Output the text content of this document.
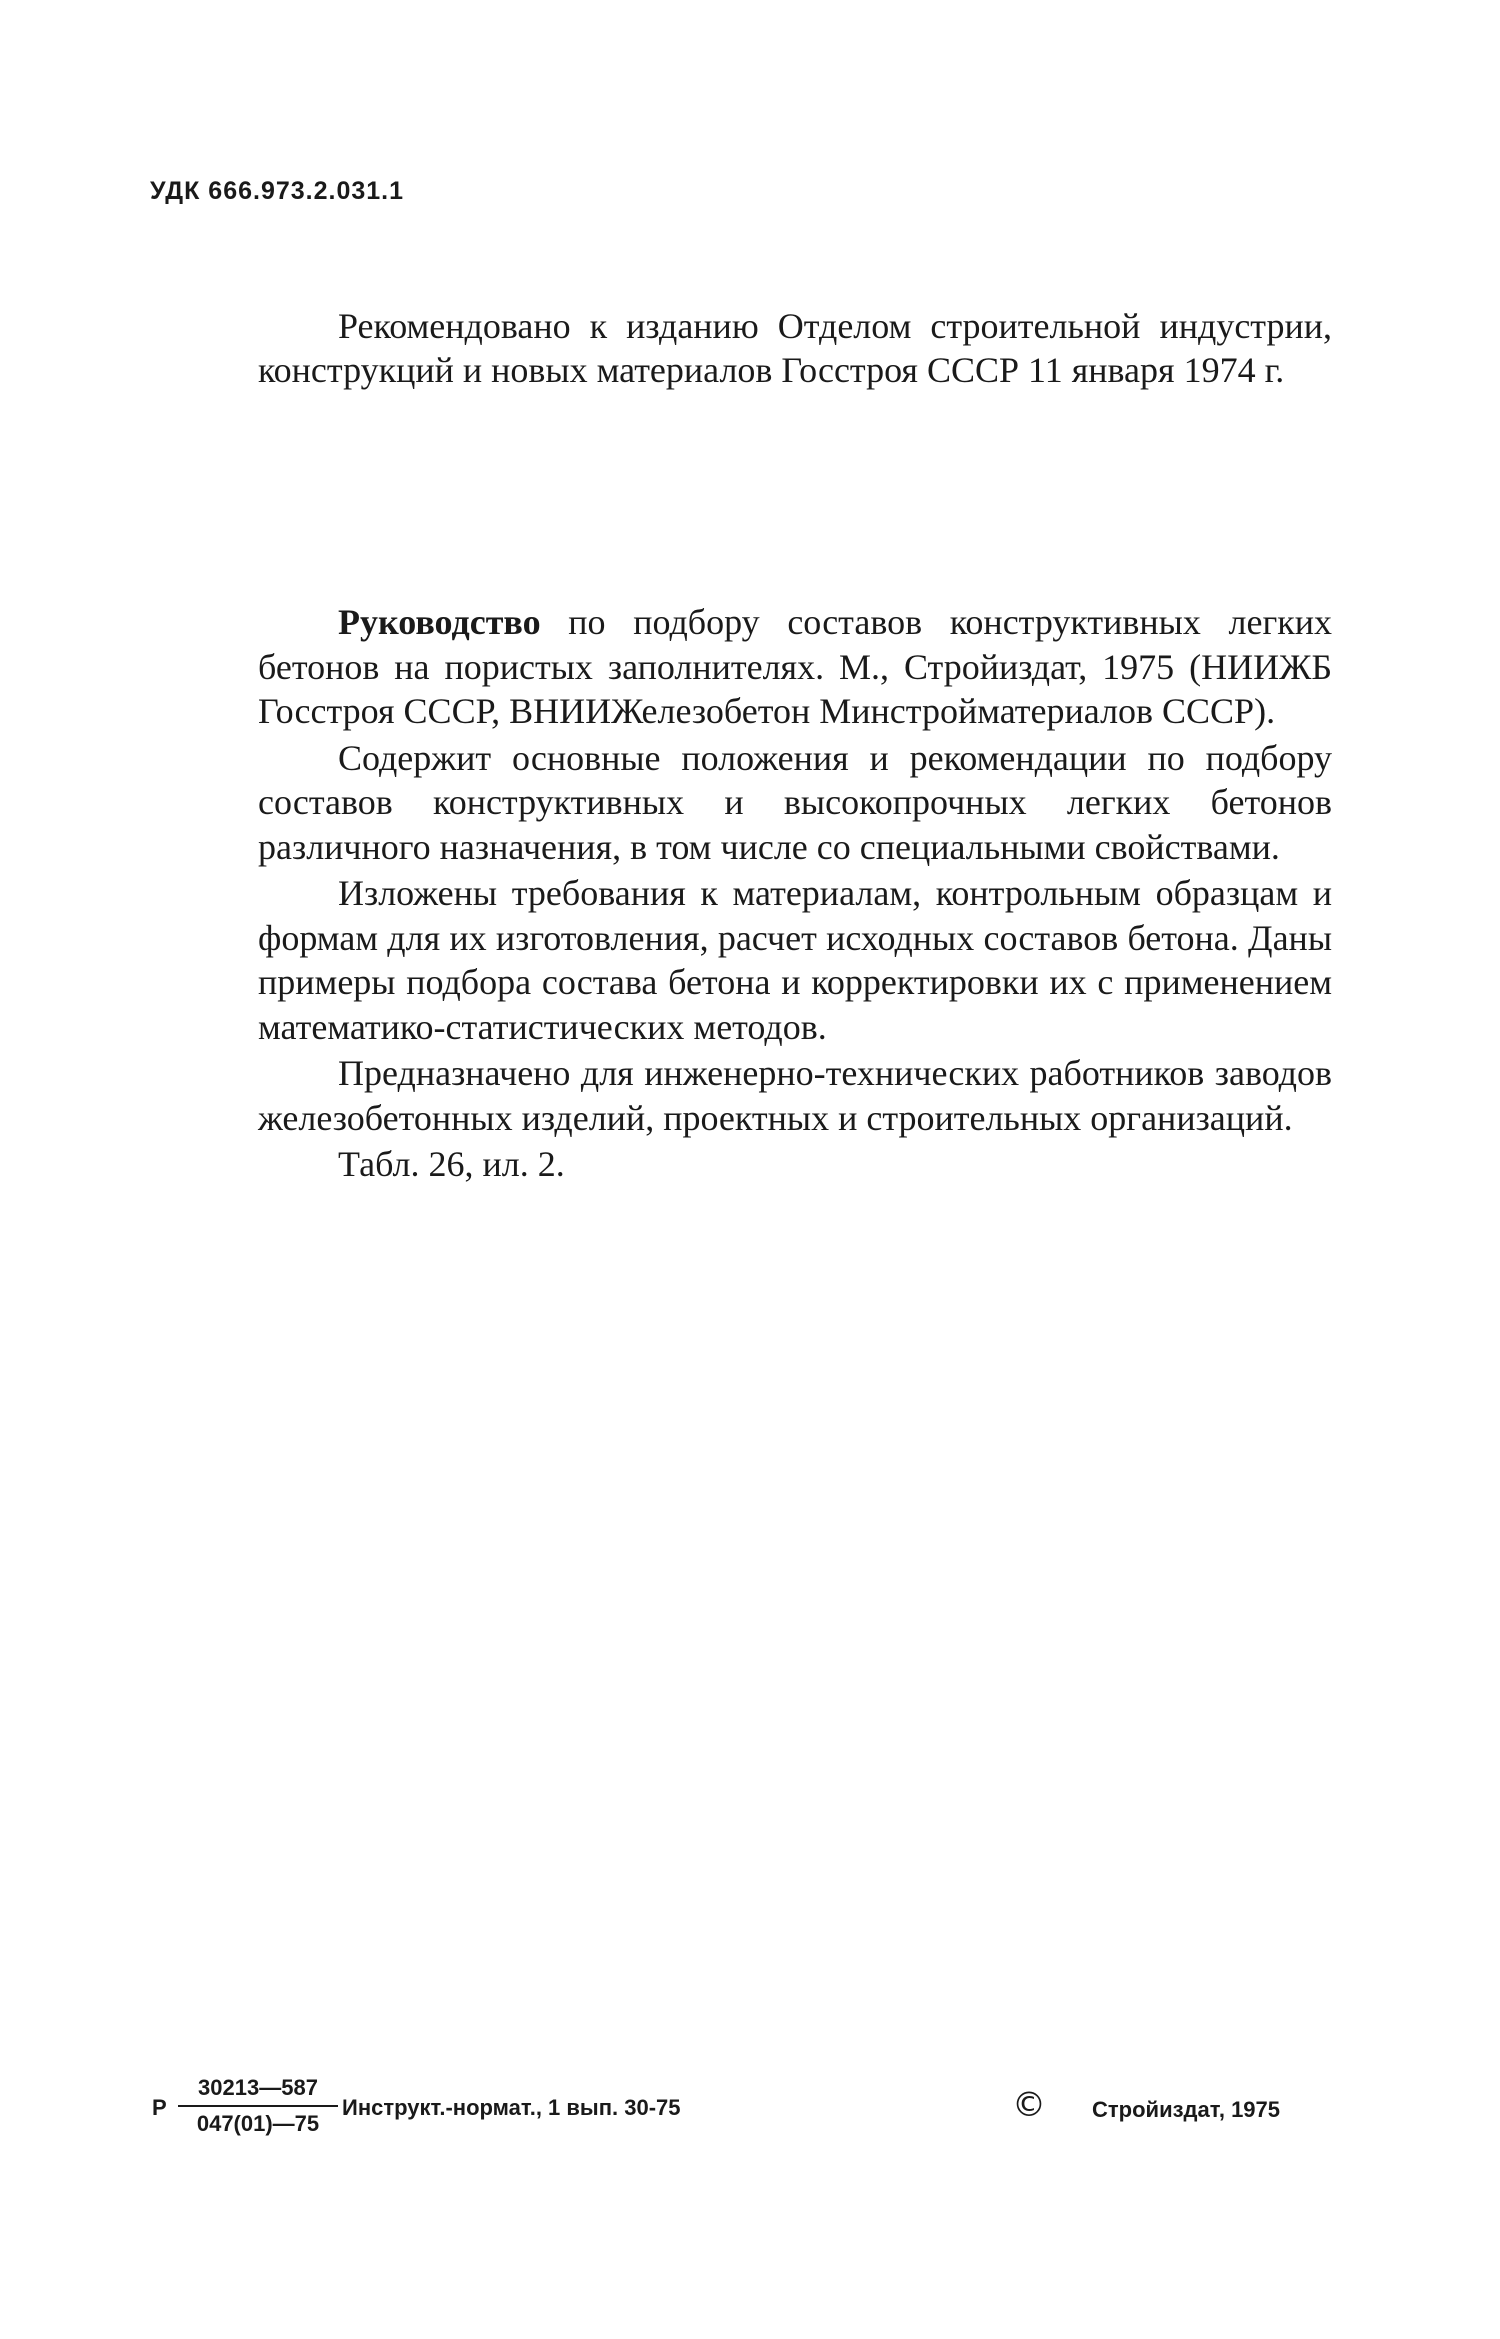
УДК 666.973.2.031.1
Рекомендовано к изданию Отделом строительной индустрии, конструкций и новых материалов Госстроя СССР 11 января 1974 г.

Руководство по подбору составов конструктивных легких бетонов на пористых заполнителях. М., Стройиздат, 1975 (НИИЖБ Госстроя СССР, ВНИИЖелезобетон Минстройматериалов СССР).

Содержит основные положения и рекомендации по подбору составов конструктивных и высокопрочных легких бетонов различного назначения, в том числе со специальными свойствами.

Изложены требования к материалам, контрольным образцам и формам для их изготовления, расчет исходных составов бетона. Даны примеры подбора состава бетона и корректировки их с применением математико-статистических методов.

Предназначено для инженерно-технических работников заводов железобетонных изделий, проектных и строительных организаций.

Табл. 26, ил. 2.

Р
30213—587
047(01)—75
Инструкт.-нормат., 1 вып. 30-75	© Стройиздат, 1975
